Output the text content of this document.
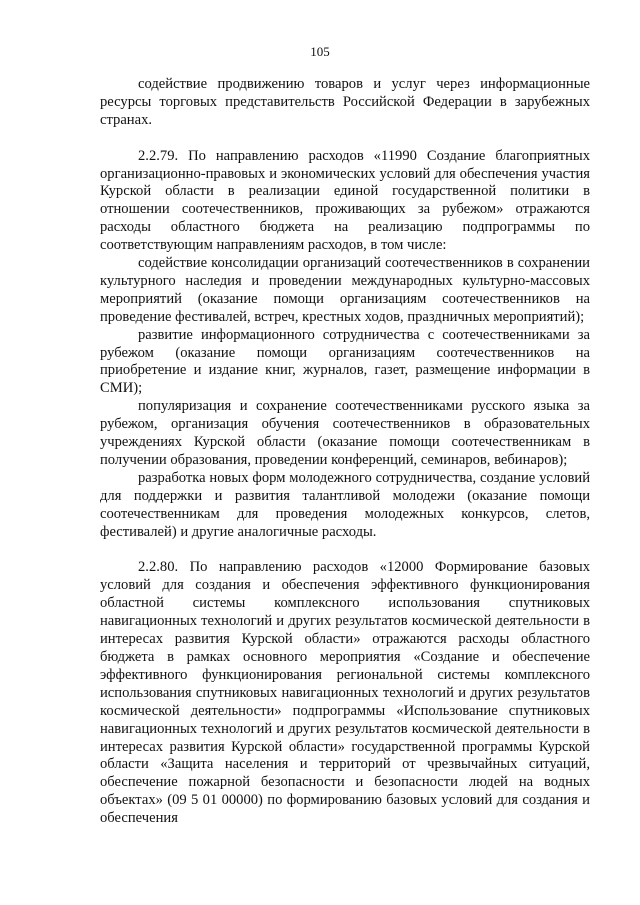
105

содействие продвижению товаров и услуг через информационные ресурсы торговых представительств Российской Федерации в зарубежных странах.

2.2.79. По направлению расходов «11990 Создание благоприятных организационно-правовых и экономических условий для обеспечения участия Курской области в реализации единой государственной политики в отношении соотечественников, проживающих за рубежом» отражаются расходы областного бюджета на реализацию подпрограммы по соответствующим направлениям расходов, в том числе:

содействие консолидации организаций соотечественников в сохранении культурного наследия и проведении международных культурно-массовых мероприятий (оказание помощи организациям соотечественников на проведение фестивалей, встреч, крестных ходов, праздничных мероприятий);

развитие информационного сотрудничества с соотечественниками за рубежом (оказание помощи организациям соотечественников на приобретение и издание книг, журналов, газет, размещение информации в СМИ);

популяризация и сохранение соотечественниками русского языка за рубежом, организация обучения соотечественников в образовательных учреждениях Курской области (оказание помощи соотечественникам в получении образования, проведении конференций, семинаров, вебинаров);

разработка новых форм молодежного сотрудничества, создание условий для поддержки и развития талантливой молодежи (оказание помощи соотечественникам для проведения молодежных конкурсов, слетов, фестивалей) и другие аналогичные расходы.

2.2.80. По направлению расходов «12000 Формирование базовых условий для создания и обеспечения эффективного функционирования областной системы комплексного использования спутниковых навигационных технологий и других результатов космической деятельности в интересах развития Курской области» отражаются расходы областного бюджета в рамках основного мероприятия «Создание и обеспечение эффективного функционирования региональной системы комплексного использования спутниковых навигационных технологий и других результатов космической деятельности» подпрограммы «Использование спутниковых навигационных технологий и других результатов космической деятельности в интересах развития Курской области» государственной программы Курской области «Защита населения и территорий от чрезвычайных ситуаций, обеспечение пожарной безопасности и безопасности людей на водных объектах» (09 5 01 00000) по формированию базовых условий для создания и обеспечения
